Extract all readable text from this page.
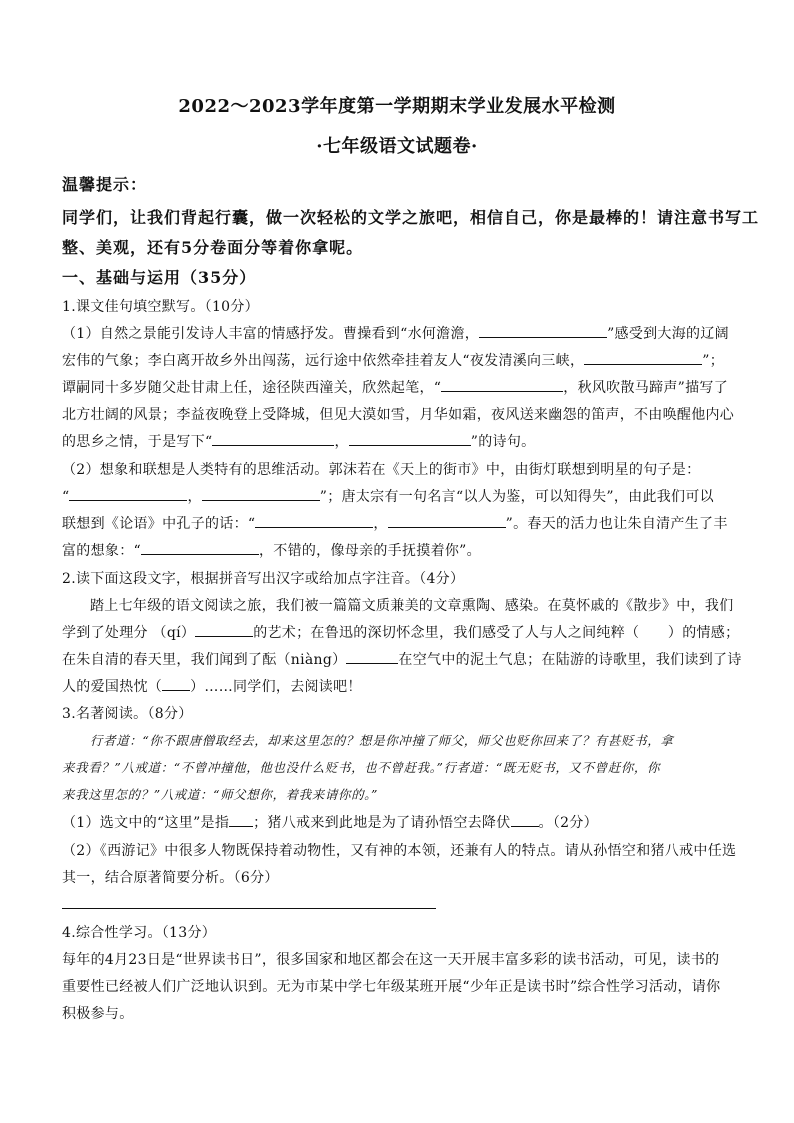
2022～2023学年度第一学期期末学业发展水平检测
·七年级语文试题卷·
温馨提示：
同学们，让我们背起行囊，做一次轻松的文学之旅吧，相信自己，你是最棒的！请注意书写工
整、美观，还有5分卷面分等着你拿呢。
一、基础与运用（35分）
1.课文佳句填空默写。（10分）
（1）自然之景能引发诗人丰富的情感抒发。曹操看到“水何澹澹，	”感受到大海的辽阔
宏伟的气象；李白离开故乡外出闯荡，远行途中依然牵挂着友人“夜发清溪向三峡，	”；
谭嗣同十多岁随父赴甘肃上任，途径陕西潼关，欣然起笔，“	，秋风吹散马蹄声”描写了
北方壮阔的风景；李益夜晚登上受降城，但见大漠如雪，月华如霜，夜风送来幽怨的笛声，不由唤醒他内心
的思乡之情，于是写下“	，	”的诗句。
（2）想象和联想是人类特有的思维活动。郭沫若在《天上的街市》中，由街灯联想到明星的句子是：
“	，	”；唐太宗有一句名言“以人为鉴，可以知得失”，由此我们可以
联想到《论语》中孔子的话：“	，	”。春天的活力也让朱自清产生了丰
富的想象：“	，不错的，像母亲的手抚摸着你”。
2.读下面这段文字，根据拼音写出汉字或给加点字注音。（4分）
踏上七年级的语文阅读之旅，我们被一篇篇文质兼美的文章熏陶、感染。在莫怀戚的《散步》中，我们
学到了处理分 （qí）	的艺术；在鲁迅的深切怀念里，我们感受了人与人之间纯粹（　　）的情感；
在朱自清的春天里，我们闻到了酝（niàng）	在空气中的泥土气息；在陆游的诗歌里，我们读到了诗
人的爱国热忱（ ）……同学们，去阅读吧！
3.名著阅读。（8分）
行者道：“你不跟唐僧取经去，却来这里怎的？想是你冲撞了师父，师父也贬你回来了？有甚贬书，拿
来我看？”八戒道：“不曾冲撞他，他也没什么贬书，也不曾赶我。”行者道：“既无贬书，又不曾赶你，你
来我这里怎的？”八戒道：“师父想你，着我来请你的。”
（1）选文中的“这里”是指 ；猪八戒来到此地是为了请孙悟空去降伏 。（2分）
（2）《西游记》中很多人物既保持着动物性，又有神的本领，还兼有人的特点。请从孙悟空和猪八戒中任选
其一，结合原著简要分析。（6分）
4.综合性学习。（13分）
每年的4月23日是“世界读书日”，很多国家和地区都会在这一天开展丰富多彩的读书活动，可见，读书的
重要性已经被人们广泛地认识到。无为市某中学七年级某班开展“少年正是读书时”综合性学习活动，请你
积极参与。
